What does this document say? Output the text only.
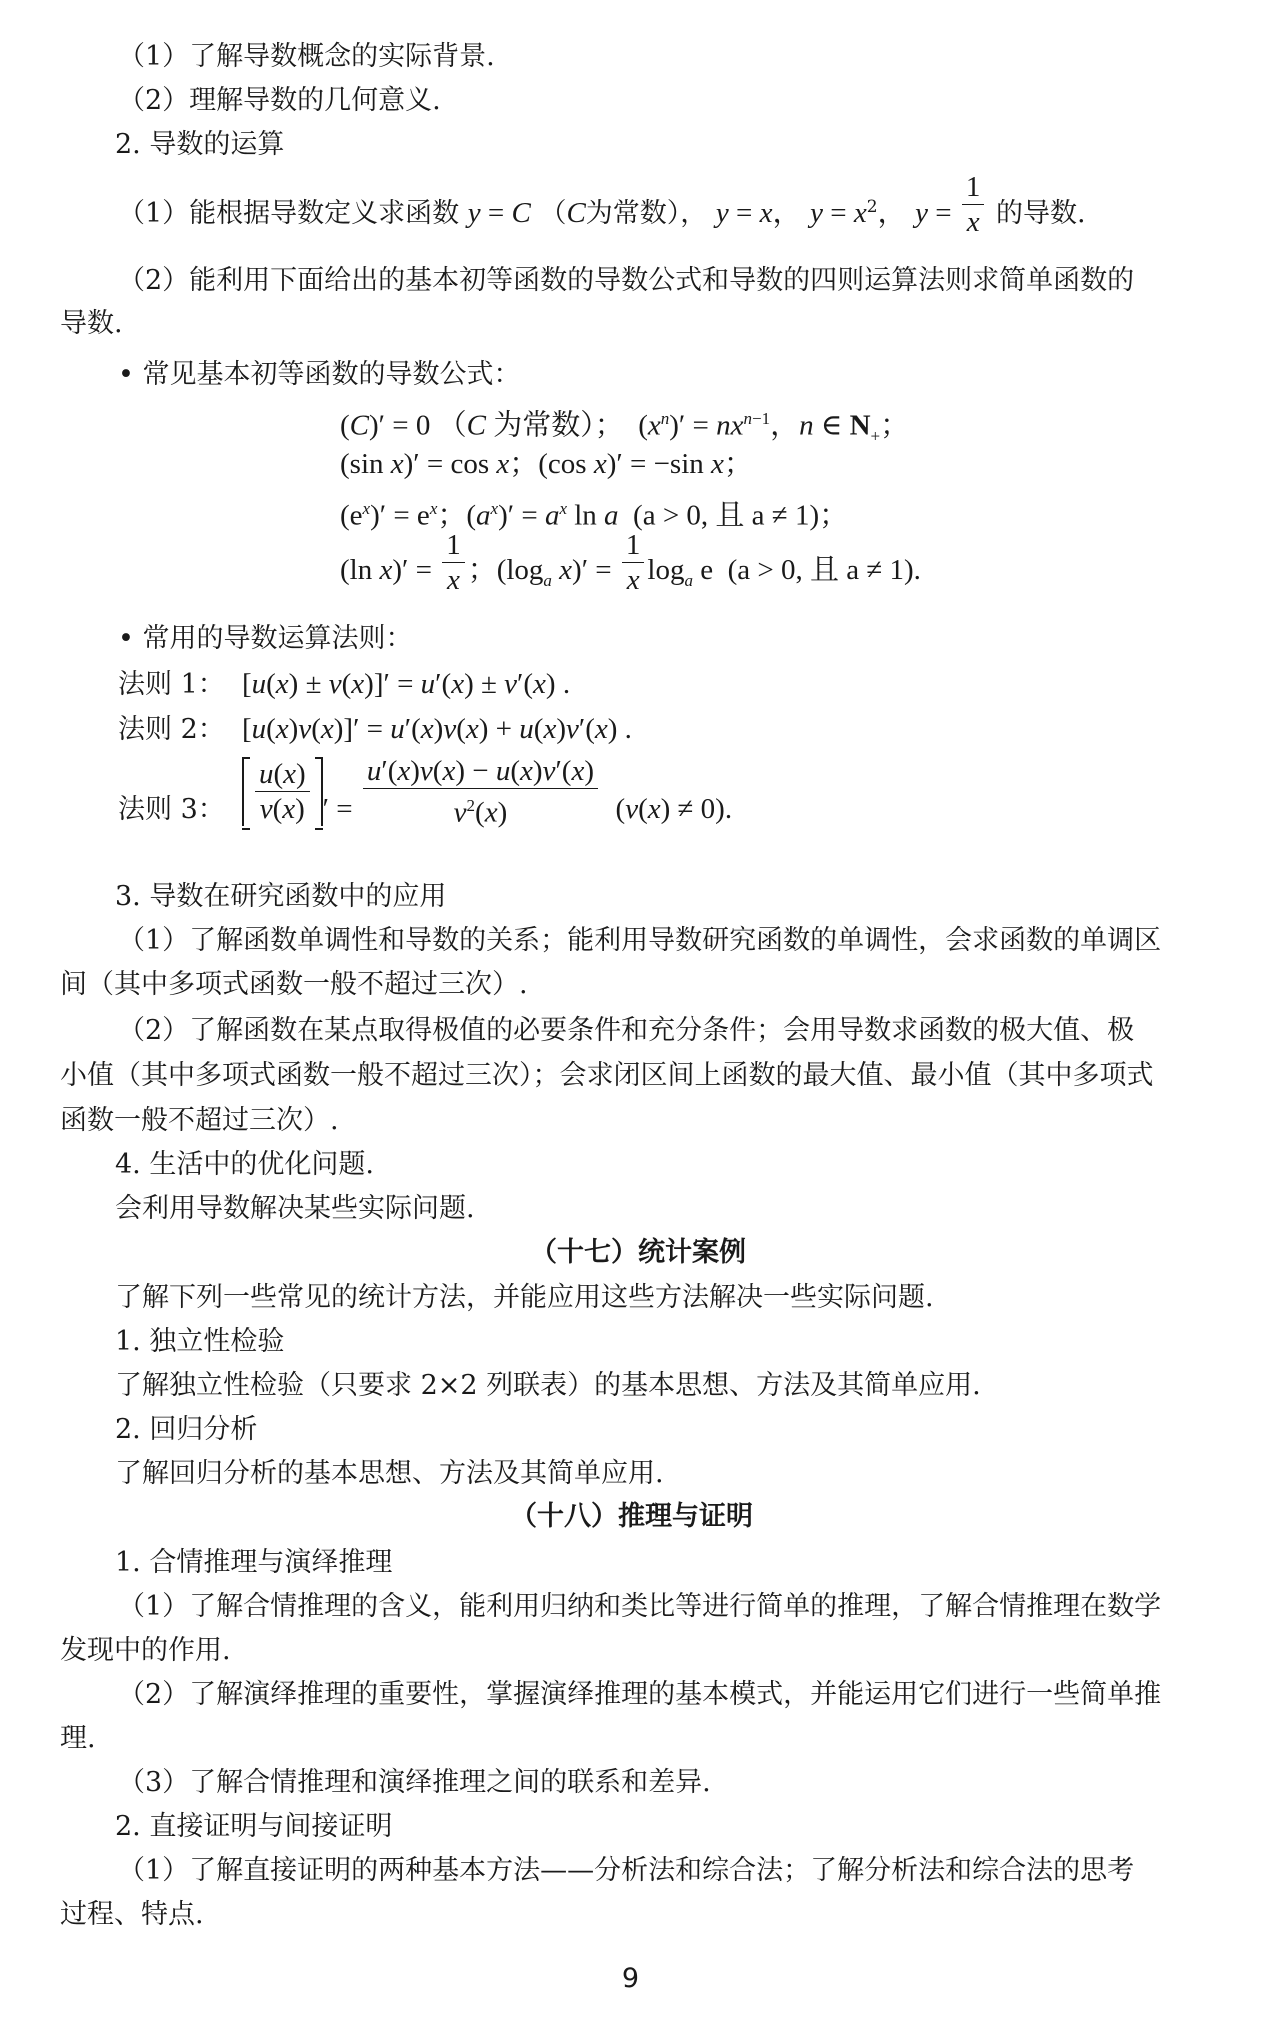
（1）了解导数概念的实际背景.
（2）理解导数的几何意义.
2. 导数的运算
（1）能根据导数定义求函数 y = C （C为常数）， y = x， $y = x^2$， $y = \frac{1}{x}$ 的导数.
（2）能利用下面给出的基本初等函数的导数公式和导数的四则运算法则求简单函数的
导数.
• 常见基本初等函数的导数公式：
(C)′ = 0 （C 为常数）；  $(x^n)' = nx^{n-1}$，n ∈ $N_+$；
(sin x)′ = cos x；(cos x)′ = −sin x；
$(e^x)' = e^x$；$(a^x)' = a^x$ ln a (a > 0, 且 a ≠ 1)；
(ln $x)' = \frac{1}{x}$ ；($\log_a$ $x)' = \frac{1}{x} \log_a e$  (a > 0, 且 a ≠ 1).
• 常用的导数运算法则：
法则 1： [u(x) ± v(x)]′ = u′(x) ± v′(x) .
法则 2： [u(x)v(x)]′ = u′(x)v(x) + u(x)v′(x) .
法则 3： $\frac{u(x)}{v(x)}$ ′ = $\frac{u'(x)v(x) - u(x)v'(x)}{v^2(x)} (v(x) \ne 0)$.
3. 导数在研究函数中的应用
（1）了解函数单调性和导数的关系；能利用导数研究函数的单调性，会求函数的单调区
间（其中多项式函数一般不超过三次）.
（2）了解函数在某点取得极值的必要条件和充分条件；会用导数求函数的极大值、极
小值（其中多项式函数一般不超过三次）；会求闭区间上函数的最大值、最小值（其中多项式
函数一般不超过三次）.
4. 生活中的优化问题.
会利用导数解决某些实际问题.
（十七）统计案例
了解下列一些常见的统计方法，并能应用这些方法解决一些实际问题.
1. 独立性检验
了解独立性检验（只要求 2×2 列联表）的基本思想、方法及其简单应用.
2. 回归分析
了解回归分析的基本思想、方法及其简单应用.
（十八）推理与证明
1. 合情推理与演绎推理
（1）了解合情推理的含义，能利用归纳和类比等进行简单的推理，了解合情推理在数学
发现中的作用.
（2）了解演绎推理的重要性，掌握演绎推理的基本模式，并能运用它们进行一些简单推
理.
（3）了解合情推理和演绎推理之间的联系和差异.
2. 直接证明与间接证明
（1）了解直接证明的两种基本方法——分析法和综合法；了解分析法和综合法的思考
过程、特点.
9
